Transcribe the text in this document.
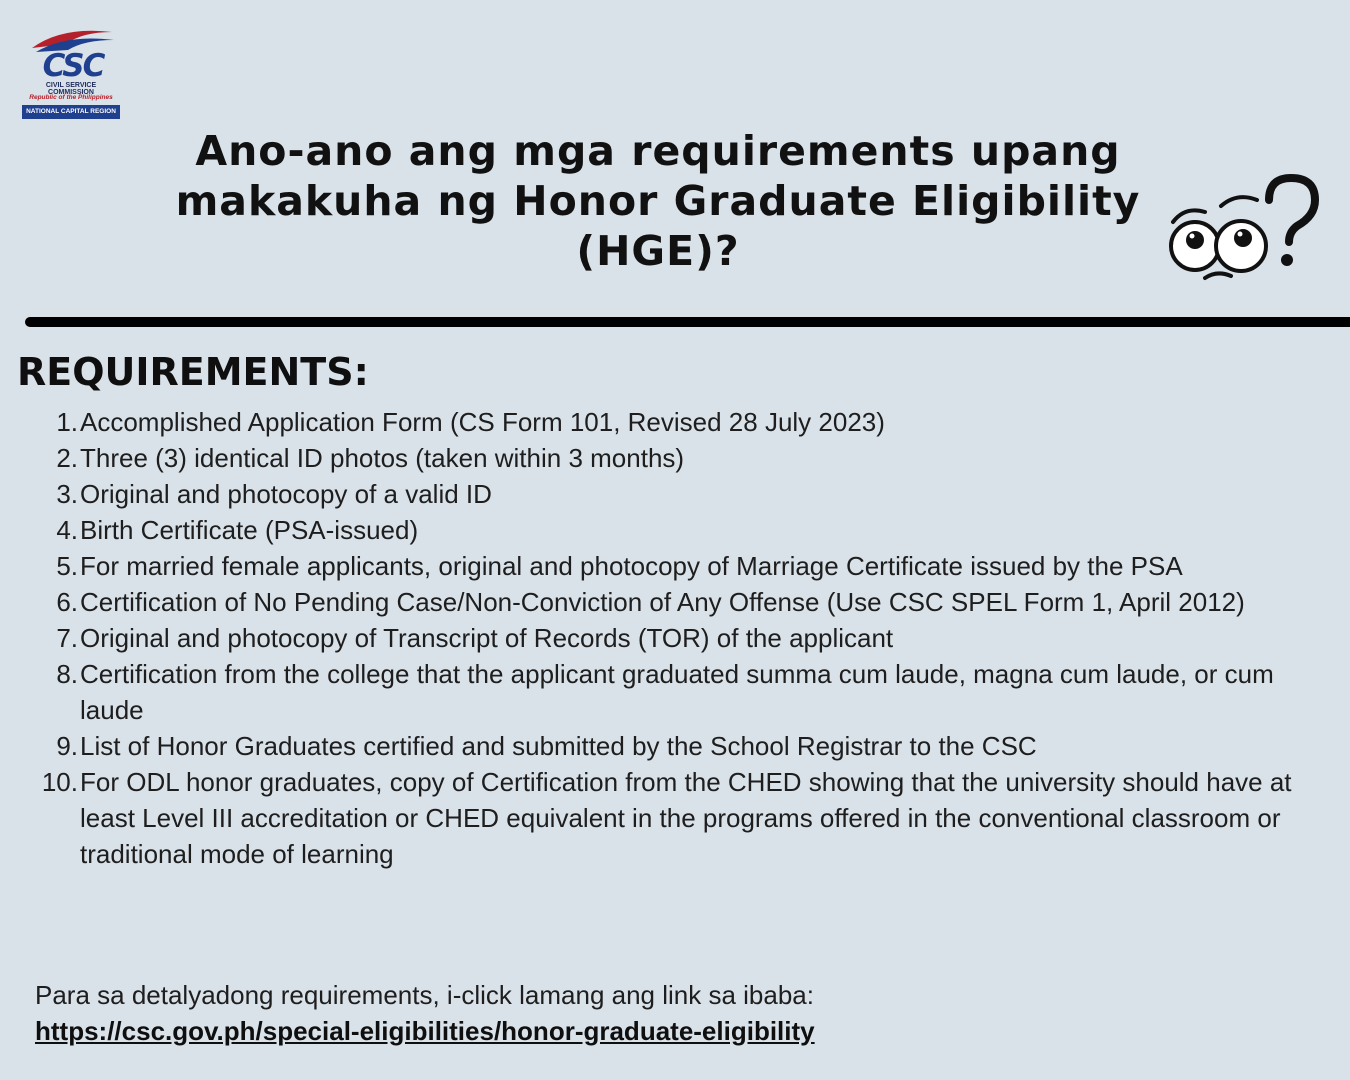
CSC
CIVIL SERVICE COMMISSION
Republic of the Philippines
NATIONAL CAPITAL REGION
Ano-ano ang mga requirements upang makakuha ng Honor Graduate Eligibility (HGE)?
REQUIREMENTS:
1. Accomplished Application Form (CS Form 101, Revised 28 July 2023)
2. Three (3) identical ID photos (taken within 3 months)
3. Original and photocopy of a valid ID
4. Birth Certificate (PSA-issued)
5. For married female applicants, original and photocopy of Marriage Certificate issued by the PSA
6. Certification of No Pending Case/Non-Conviction of Any Offense (Use CSC SPEL Form 1, April 2012)
7. Original and photocopy of Transcript of Records (TOR) of the applicant
8. Certification from the college that the applicant graduated summa cum laude, magna cum laude, or cum laude
9. List of Honor Graduates certified and submitted by the School Registrar to the CSC
10. For ODL honor graduates, copy of Certification from the CHED showing that the university should have at least Level III accreditation or CHED equivalent in the programs offered in the conventional classroom or traditional mode of learning
Para sa detalyadong requirements, i-click lamang ang link sa ibaba:
https://csc.gov.ph/special-eligibilities/honor-graduate-eligibility
